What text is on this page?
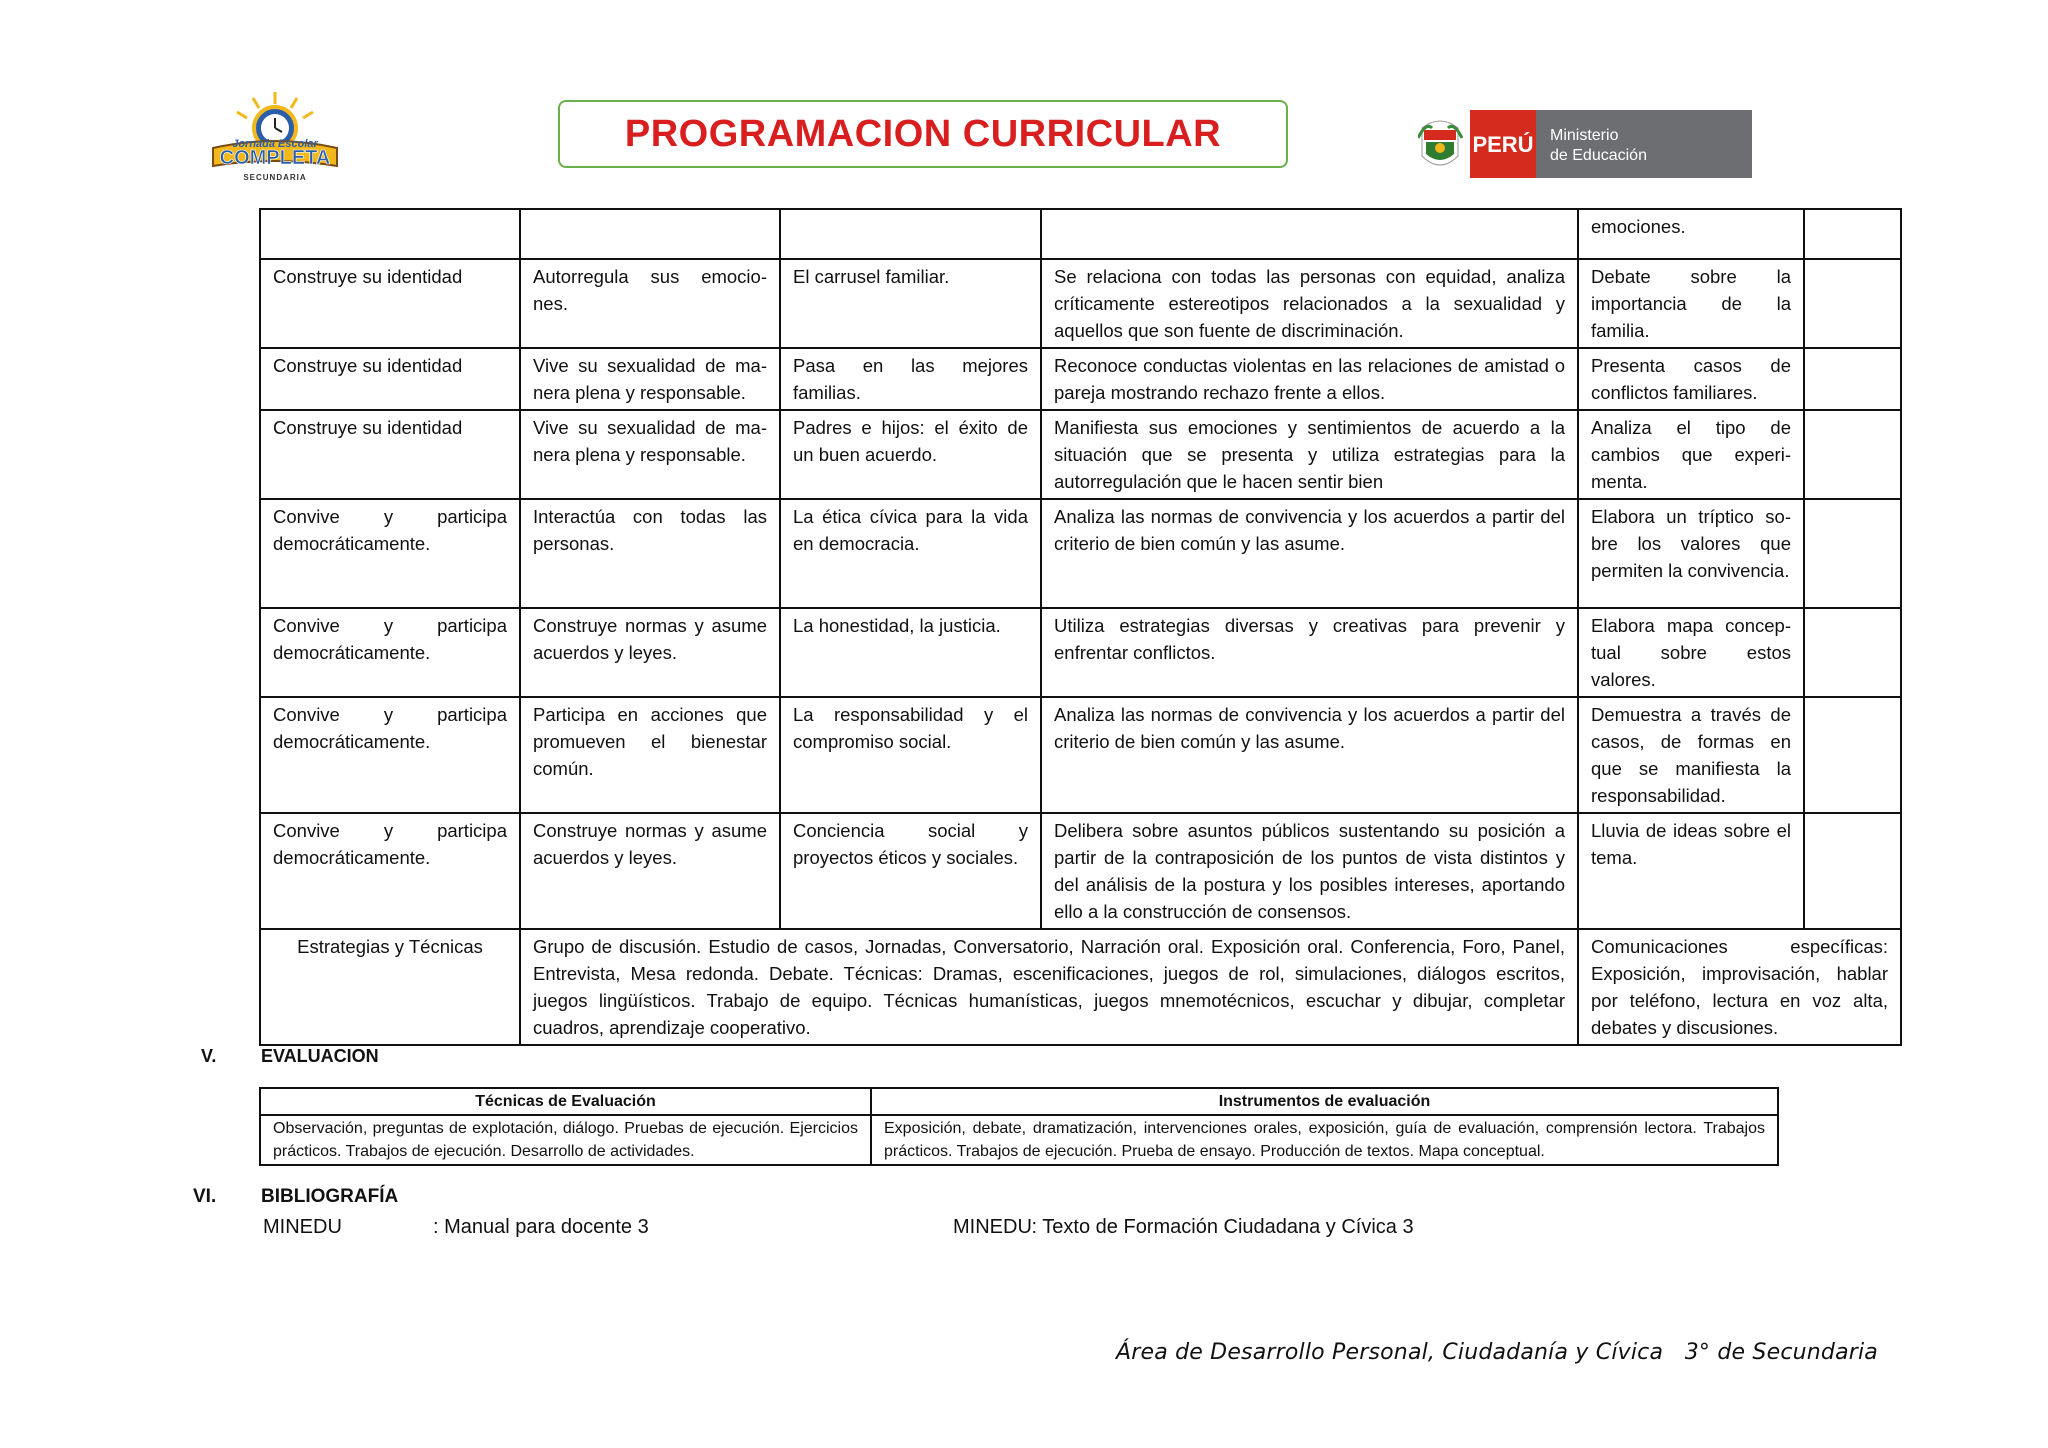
Jornada Escolar
COMPLETA
SECUNDARIA
PROGRAMACION CURRICULAR	PERÚ Ministerio
de Educación
				emociones.	
Construye su identidad	Autorregula sus emocio-nes.	El carrusel familiar.	Se relaciona con todas las personas con equidad, analiza críticamente estereotipos relacionados a la sexualidad y aquellos que son fuente de discriminación.	Debate sobre la importancia de la familia.	
Construye su identidad	Vive su sexualidad de ma-nera plena y responsable.	Pasa en las mejores familias.	Reconoce conductas violentas en las relaciones de amistad o pareja mostrando rechazo frente a ellos.	Presenta casos de conflictos familiares.	
Construye su identidad	Vive su sexualidad de ma-nera plena y responsable.	Padres e hijos: el éxito de un buen acuerdo.	Manifiesta sus emociones y sentimientos de acuerdo a la situación que se presenta y utiliza estrategias para la autorregulación que le hacen sentir bien	Analiza el tipo de cambios que experi-menta.	
Convive y participa democráticamente.	Interactúa con todas las personas.	La ética cívica para la vida en democracia.	Analiza las normas de convivencia y los acuerdos a partir del criterio de bien común y las asume.	Elabora un tríptico so-bre los valores que permiten la convivencia.	
Convive y participa democráticamente.	Construye normas y asume acuerdos y leyes.	La honestidad, la justicia.	Utiliza estrategias diversas y creativas para prevenir y enfrentar conflictos.	Elabora mapa concep-tual sobre estos valores.	
Convive y participa democráticamente.	Participa en acciones que promueven el bienestar común.	La responsabilidad y el compromiso social.	Analiza las normas de convivencia y los acuerdos a partir del criterio de bien común y las asume.	Demuestra a través de casos, de formas en que se manifiesta la responsabilidad.	
Convive y participa democráticamente.	Construye normas y asume acuerdos y leyes.	Conciencia social y proyectos éticos y sociales.	Delibera sobre asuntos públicos sustentando su posición a partir de la contraposición de los puntos de vista distintos y del análisis de la postura y los posibles intereses, aportando ello a la construcción de consensos.	Lluvia de ideas sobre el tema.	
Estrategias y Técnicas	Grupo de discusión. Estudio de casos, Jornadas, Conversatorio, Narración oral. Exposición oral. Conferencia, Foro, Panel, Entrevista, Mesa redonda. Debate. Técnicas: Dramas, escenificaciones, juegos de rol, simulaciones, diálogos escritos, juegos lingüísticos. Trabajo de equipo. Técnicas humanísticas, juegos mnemotécnicos, escuchar y dibujar, completar cuadros, aprendizaje cooperativo.			Comunicaciones específicas: Exposición, improvisación, hablar por teléfono, lectura en voz alta, debates y discusiones.	
V. EVALUACION
Técnicas de Evaluación	Instrumentos de evaluación
Observación, preguntas de explotación, diálogo. Pruebas de ejecución. Ejercicios prácticos. Trabajos de ejecución. Desarrollo de actividades.	Exposición, debate, dramatización, intervenciones orales, exposición, guía de evaluación, comprensión lectora. Trabajos prácticos. Trabajos de ejecución. Prueba de ensayo. Producción de textos. Mapa conceptual.
VI. BIBLIOGRAFÍA
MINEDU	: Manual para docente 3	MINEDU
: Texto de Formación Ciudadana y Cívica 3
Área de Desarrollo Personal, Ciudadanía y Cívica   3° de Secundaria
